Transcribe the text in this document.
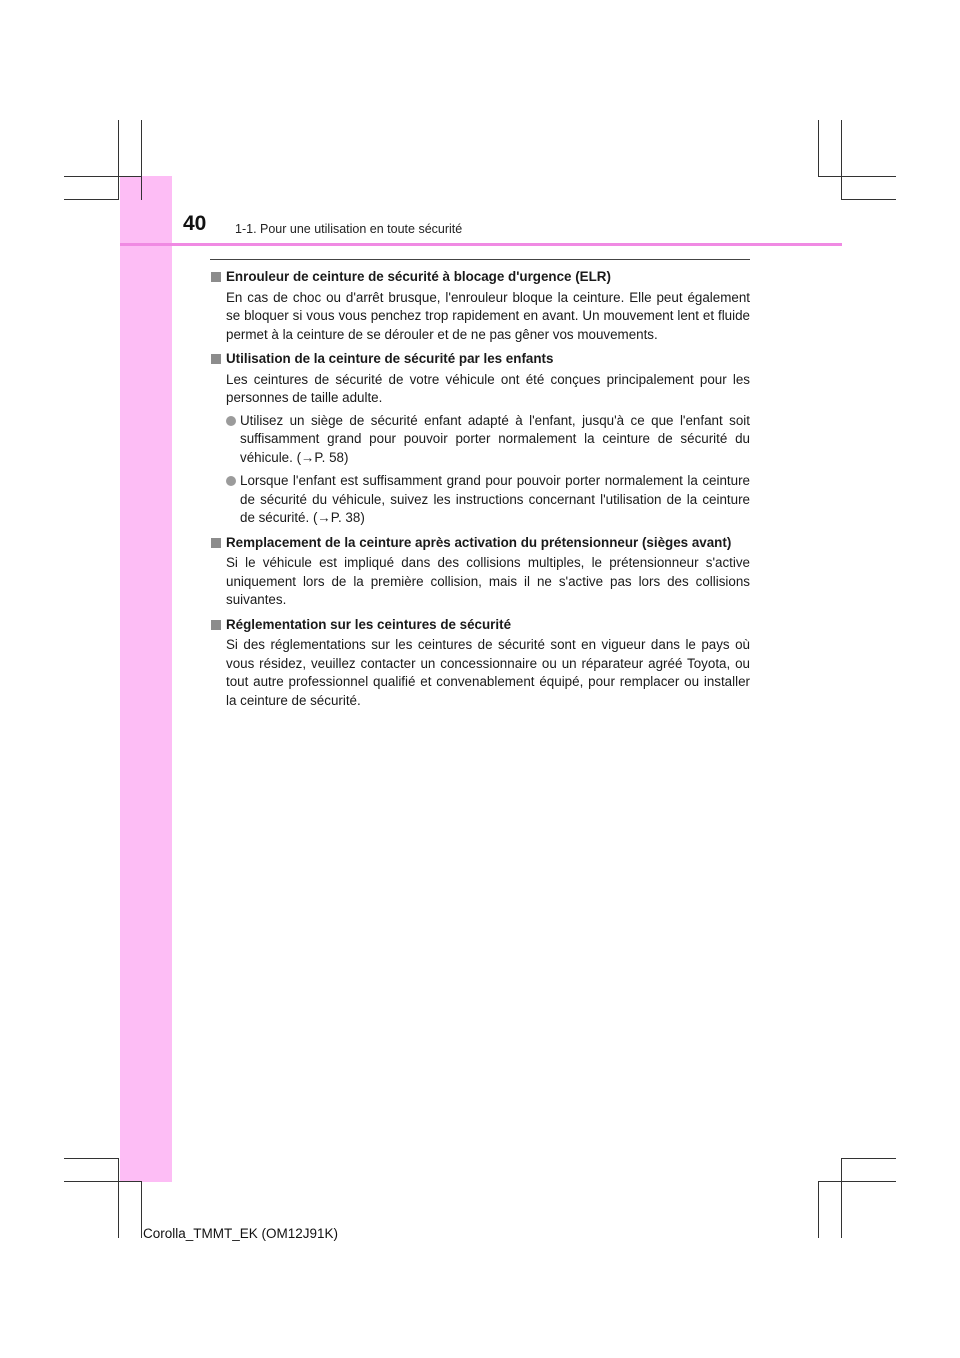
40 1-1. Pour une utilisation en toute sécurité
Enrouleur de ceinture de sécurité à blocage d'urgence (ELR)

En cas de choc ou d'arrêt brusque, l'enrouleur bloque la ceinture. Elle peut également se bloquer si vous vous penchez trop rapidement en avant. Un mouvement lent et fluide permet à la ceinture de se dérouler et de ne pas gêner vos mouvements.

Utilisation de la ceinture de sécurité par les enfants

Les ceintures de sécurité de votre véhicule ont été conçues principalement pour les personnes de taille adulte.

Utilisez un siège de sécurité enfant adapté à l'enfant, jusqu'à ce que l'enfant soit suffisamment grand pour pouvoir porter normalement la ceinture de sécurité du véhicule. (→P. 58)
Lorsque l'enfant est suffisamment grand pour pouvoir porter normalement la ceinture de sécurité du véhicule, suivez les instructions concernant l'utilisation de la ceinture de sécurité. (→P. 38)
Remplacement de la ceinture après activation du prétensionneur (sièges avant)

Si le véhicule est impliqué dans des collisions multiples, le prétensionneur s'active uniquement lors de la première collision, mais il ne s'active pas lors des collisions suivantes.

Réglementation sur les ceintures de sécurité

Si des réglementations sur les ceintures de sécurité sont en vigueur dans le pays où vous résidez, veuillez contacter un concessionnaire ou un réparateur agréé Toyota, ou tout autre professionnel qualifié et convenablement équipé, pour remplacer ou installer la ceinture de sécurité.

Corolla_TMMT_EK (OM12J91K)
